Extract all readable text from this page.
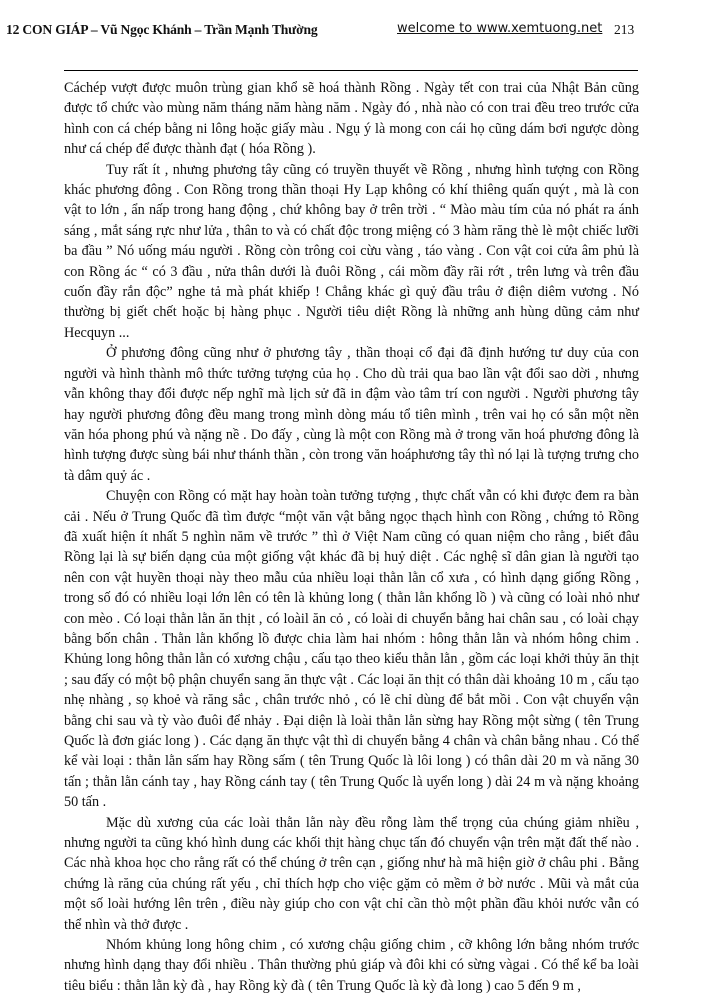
12 CON GIÁP – Vũ Ngọc Khánh – Trần Mạnh Thường	welcome to www.xemtuong.net 213

Cáchép vượt được muôn trùng gian khổ sẽ hoá thành Rồng . Ngày tết con trai của Nhật Bản cũng được tổ chức vào mùng năm tháng năm hàng năm . Ngày đó , nhà nào có con trai đều treo trước cửa hình con cá chép bằng ni lông hoặc giấy màu . Ngụ ý là mong con cái họ cũng dám bơi ngược dòng như cá chép để được thành đạt ( hóa Rồng ).

Tuy rất ít , nhưng phương tây cũng có truyền thuyết về Rồng , nhưng hình tượng con Rồng khác phương đông . Con Rồng trong thần thoại Hy Lạp không có khí thiêng quấn quýt , mà là con vật to lớn , ẩn nấp trong hang động , chứ không bay ở trên trời . “ Mào màu tím của nó phát ra ánh sáng , mắt sáng rực như lửa , thân to và có chất độc trong miệng có 3 hàm răng thè lè một chiếc lưỡi ba đầu ” Nó uống máu người . Rồng còn trông coi cừu vàng , táo vàng . Con vật coi cửa âm phủ là con Rồng ác “ có 3 đầu , nửa thân dưới là đuôi Rồng , cái mồm đầy rãi rớt , trên lưng và trên đầu cuốn đầy rắn độc” nghe tả mà phát khiếp ! Chẳng khác gì quỷ đầu trâu ở điện diêm vương . Nó thường bị giết chết hoặc bị hàng phục . Người tiêu diệt Rồng là những anh hùng dũng cảm như Hecquyn ...

Ở phương đông cũng như ở phương tây , thần thoại cổ đại đã định hướng tư duy của con người và hình thành mô thức tưởng tượng của họ . Cho dù trải qua bao lần vật đổi sao dời , nhưng vẫn không thay đổi được nếp nghĩ mà lịch sử đã in đậm vào tâm trí con người . Người phương tây hay người phương đông đều mang trong mình dòng máu tổ tiên mình , trên vai họ có sẵn một nền văn hóa phong phú và nặng nề . Do đấy , cùng là một con Rồng mà ở trong văn hoá phương đông là hình tượng được sùng bái như thánh thần , còn trong văn hoáphương tây thì nó lại là tượng trưng cho tà dâm quỷ ác .

Chuyện con Rồng có mặt hay hoàn toàn tưởng tượng , thực chất vẫn có khi được đem ra bàn cải . Nếu ở Trung Quốc đã tìm được “một văn vật bằng ngọc thạch hình con Rồng , chứng tỏ Rồng đã xuất hiện ít nhất 5 nghìn năm về trước ” thì ở Việt Nam cũng có quan niệm cho rằng , biết đâu Rồng lại là sự biến dạng của một giống vật khác đã bị huỷ diệt . Các nghệ sĩ dân gian là người tạo nên con vật huyền thoại này theo mẫu của nhiều loại thằn lằn cổ xưa , có hình dạng giống Rồng , trong số đó có nhiều loại lớn lên có tên là khủng long ( thằn lằn khổng lồ ) và cũng có loài nhỏ như con mèo . Có loại thằn lằn ăn thịt , có loàil ăn cỏ , có loài di chuyển bằng hai chân sau , có loài chạy bằng bốn chân . Thằn lằn khổng lồ được chia làm hai nhóm : hông thằn lằn và nhóm hông chim . Khủng long hông thằn lằn có xương chậu , cấu tạo theo kiểu thằn lằn , gồm các loại khởi thủy ăn thịt ; sau đấy có một bộ phận chuyển sang ăn thực vật . Các loại ăn thịt có thân dài khoảng 10 m , cấu tạo nhẹ nhàng , sọ khoẻ và răng sắc , chân trước nhỏ , có lẽ chỉ dùng để bắt mồi . Con vật chuyển vận bằng chi sau và tỳ vào đuôi để nhảy . Đại diện là loài thằn lằn sừng hay Rồng một sừng ( tên Trung Quốc là đơn giác long ) . Các dạng ăn thực vật thì di chuyển bằng 4 chân và chân bằng nhau . Có thể kể vài loại : thằn lằn sấm hay Rồng sấm ( tên Trung Quốc là lôi long ) có thân dài 20 m và năng 30 tấn ; thằn lằn cánh tay , hay Rồng cánh tay ( tên Trung Quốc là uyển long ) dài 24 m và nặng khoảng 50 tấn .

Mặc dù xương của các loài thằn lằn này đều rỗng làm thể trọng của chúng giảm nhiều , nhưng người ta cũng khó hình dung các khối thịt hàng chục tấn đó chuyển vận trên mặt đất thế nào . Các nhà khoa học cho rằng rất có thể chúng ở trên cạn , giống như hà mã hiện giờ ở châu phi . Bằng chứng là răng của chúng rất yếu , chỉ thích hợp cho việc gặm cỏ mềm ở bờ nước . Mũi và mắt của một số loài hướng lên trên , điều này giúp cho con vật chỉ cần thò một phần đầu khỏi nước vẫn có thể nhìn và thở được .

Nhóm khủng long hông chim , có xương chậu giống chim , cỡ không lớn bằng nhóm trước nhưng hình dạng thay đổi nhiều . Thân thường phủ giáp và đôi khi có sừng vàgai . Có thể kể ba loài tiêu biểu : thằn lằn kỳ đà , hay Rồng kỳ đà ( tên Trung Quốc là kỳ đà long ) cao 5 đến 9 m ,
